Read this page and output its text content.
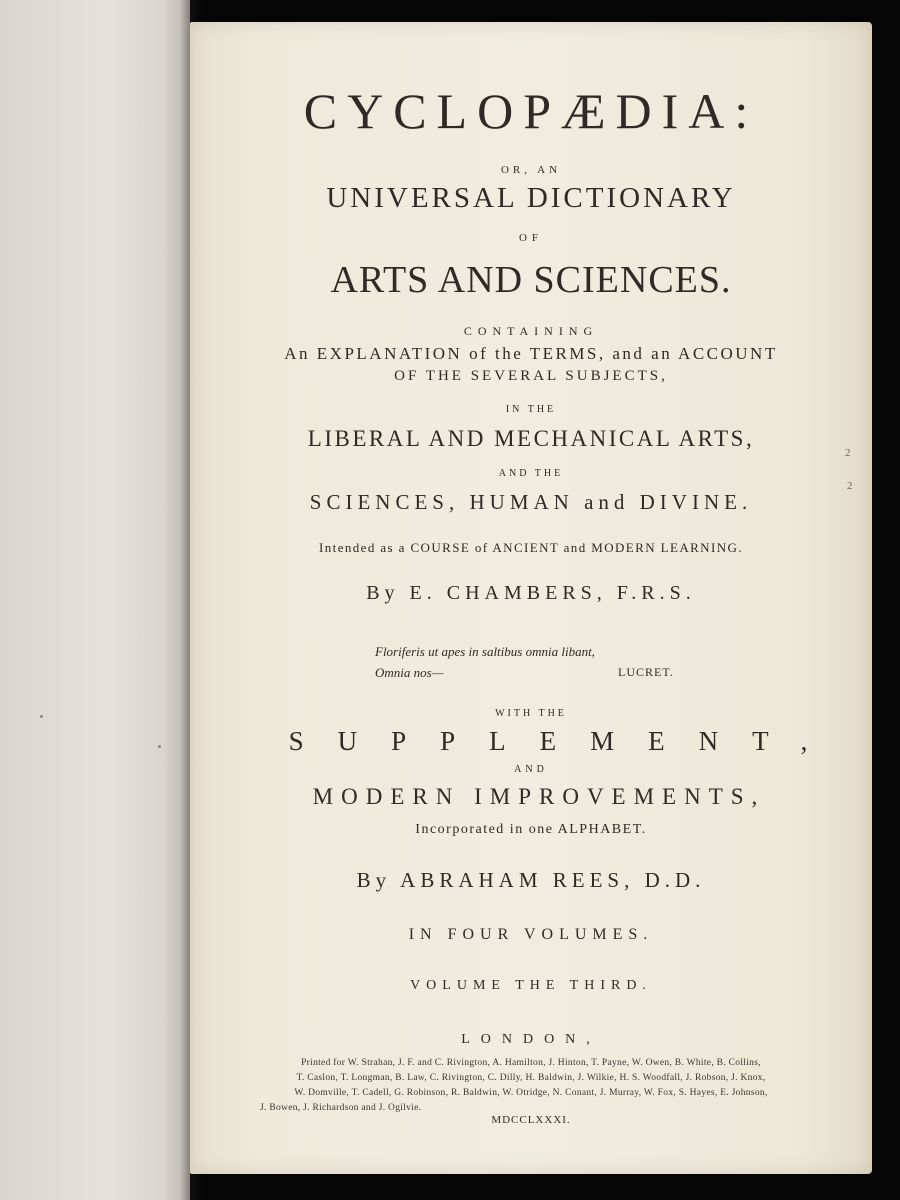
CYCLOPÆDIA:
OR, AN
UNIVERSAL DICTIONARY
OF
ARTS AND SCIENCES.
CONTAINING
An EXPLANATION of the TERMS, and an ACCOUNT
OF THE SEVERAL SUBJECTS,
IN THE
LIBERAL AND MECHANICAL ARTS,
AND THE
SCIENCES, HUMAN and DIVINE.
Intended as a COURSE of ANCIENT and MODERN LEARNING.
By E. CHAMBERS, F.R.S.
Floriferis ut apes in saltibus omnia libant,
Omnia nos—	LUCRET.
WITH THE
SUPPLEMENT,
AND
MODERN IMPROVEMENTS,
Incorporated in one ALPHABET.
By ABRAHAM REES, D.D.
IN FOUR VOLUMES.
VOLUME THE THIRD.
LONDON,
Printed for W. Strahan, J. F. and C. Rivington, A. Hamilton, J. Hinton, T. Payne, W. Owen, B. White, B. Collins,
T. Caslon, T. Longman, B. Law, C. Rivington, C. Dilly, H. Baldwin, J. Wilkie, H. S. Woodfall, J. Robson, J. Knox,
W. Domville, T. Cadell, G. Robinson, R. Baldwin, W. Otridge, N. Conant, J. Murray, W. Fox, S. Hayes, E. Johnson,
J. Bowen, J. Richardson and J. Ogilvie.
MDCCLXXXI.
2
2
